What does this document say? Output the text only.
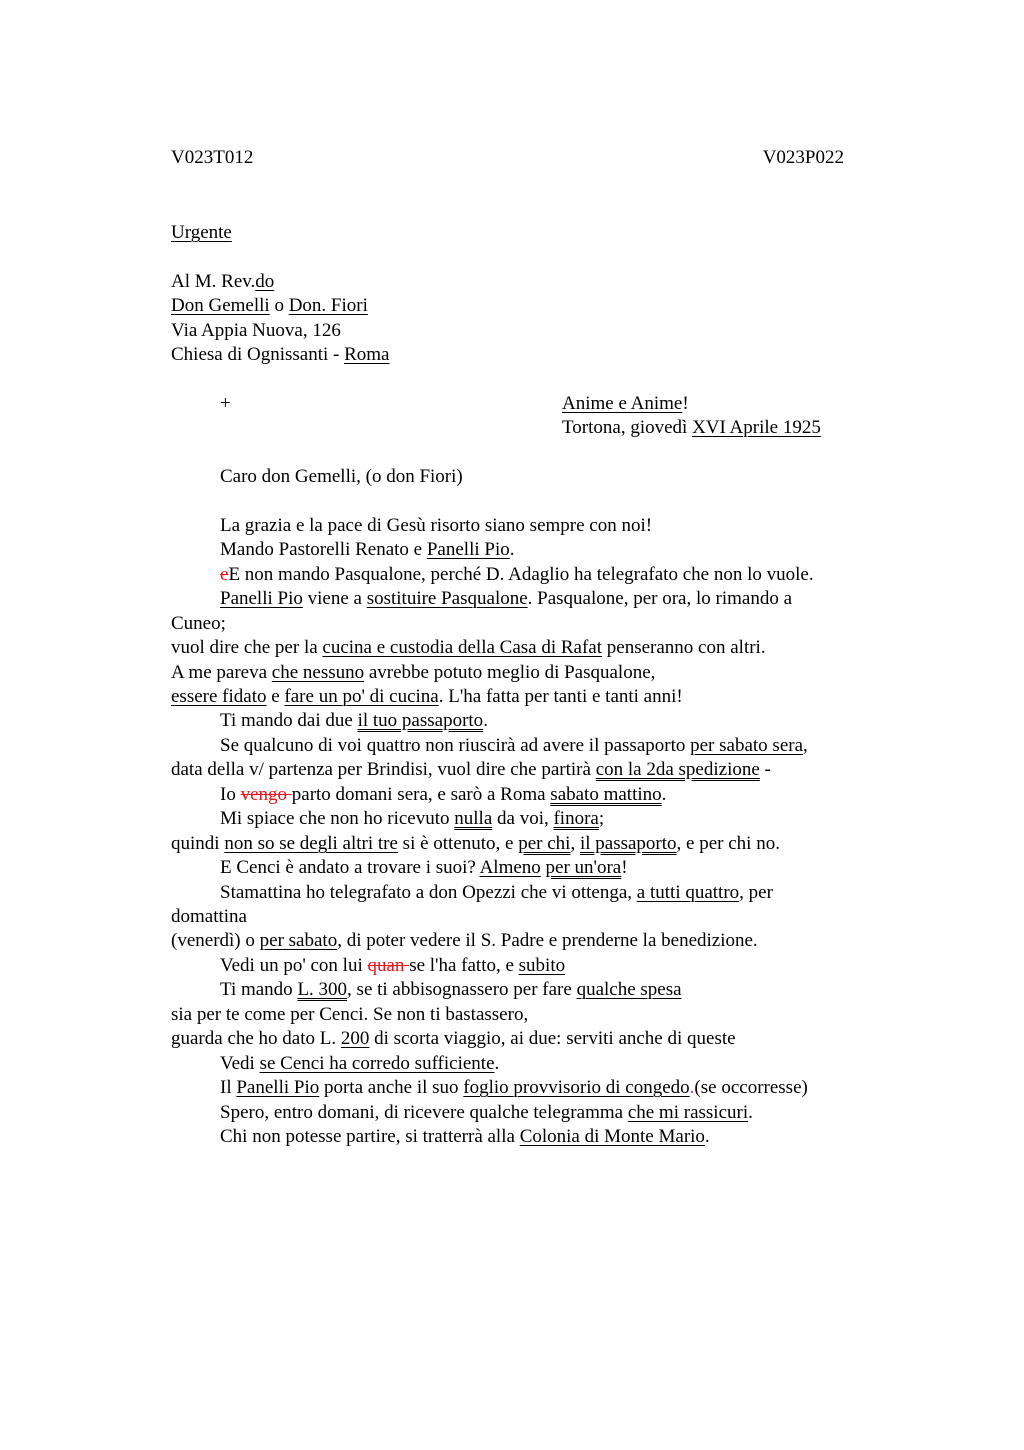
V023T012	V023P022
Urgente
Al M. Rev.do
Don Gemelli o Don. Fiori
Via Appia Nuova, 126
Chiesa di Ognissanti - Roma
+	Anime e Anime!
Tortona, giovedì XVI Aprile 1925
Caro don Gemelli, (o don Fiori)
La grazia e la pace di Gesù risorto siano sempre con noi!
Mando Pastorelli Renato e Panelli Pio.
eE non mando Pasqualone, perché D. Adaglio ha telegrafato che non lo vuole.
Panelli Pio viene a sostituire Pasqualone. Pasqualone, per ora, lo rimando a
Cuneo;
vuol dire che per la cucina e custodia della Casa di Rafat penseranno con altri.
A me pareva che nessuno avrebbe potuto meglio di Pasqualone,
essere fidato e fare un po' di cucina. L'ha fatta per tanti e tanti anni!
Ti mando dai due il tuo passaporto.
Se qualcuno di voi quattro non riuscirà ad avere il passaporto per sabato sera,
data della v/ partenza per Brindisi, vuol dire che partirà con la 2da spedizione -
Io vengo parto domani sera, e sarò a Roma sabato mattino.
Mi spiace che non ho ricevuto nulla da voi, finora;
quindi non so se degli altri tre si è ottenuto, e per chi, il passaporto, e per chi no.
E Cenci è andato a trovare i suoi? Almeno per un'ora!
Stamattina ho telegrafato a don Opezzi che vi ottenga, a tutti quattro, per
domattina
(venerdì) o per sabato, di poter vedere il S. Padre e prenderne la benedizione.
Vedi un po' con lui quan se l'ha fatto, e subito
Ti mando L. 300, se ti abbisognassero per fare qualche spesa
sia per te come per Cenci. Se non ti bastassero,
guarda che ho dato L. 200 di scorta viaggio, ai due: serviti anche di queste
Vedi se Cenci ha corredo sufficiente.
Il Panelli Pio porta anche il suo foglio provvisorio di congedo.(se occorresse)
Spero, entro domani, di ricevere qualche telegramma che mi rassicuri.
Chi non potesse partire, si tratterrà alla Colonia di Monte Mario.
